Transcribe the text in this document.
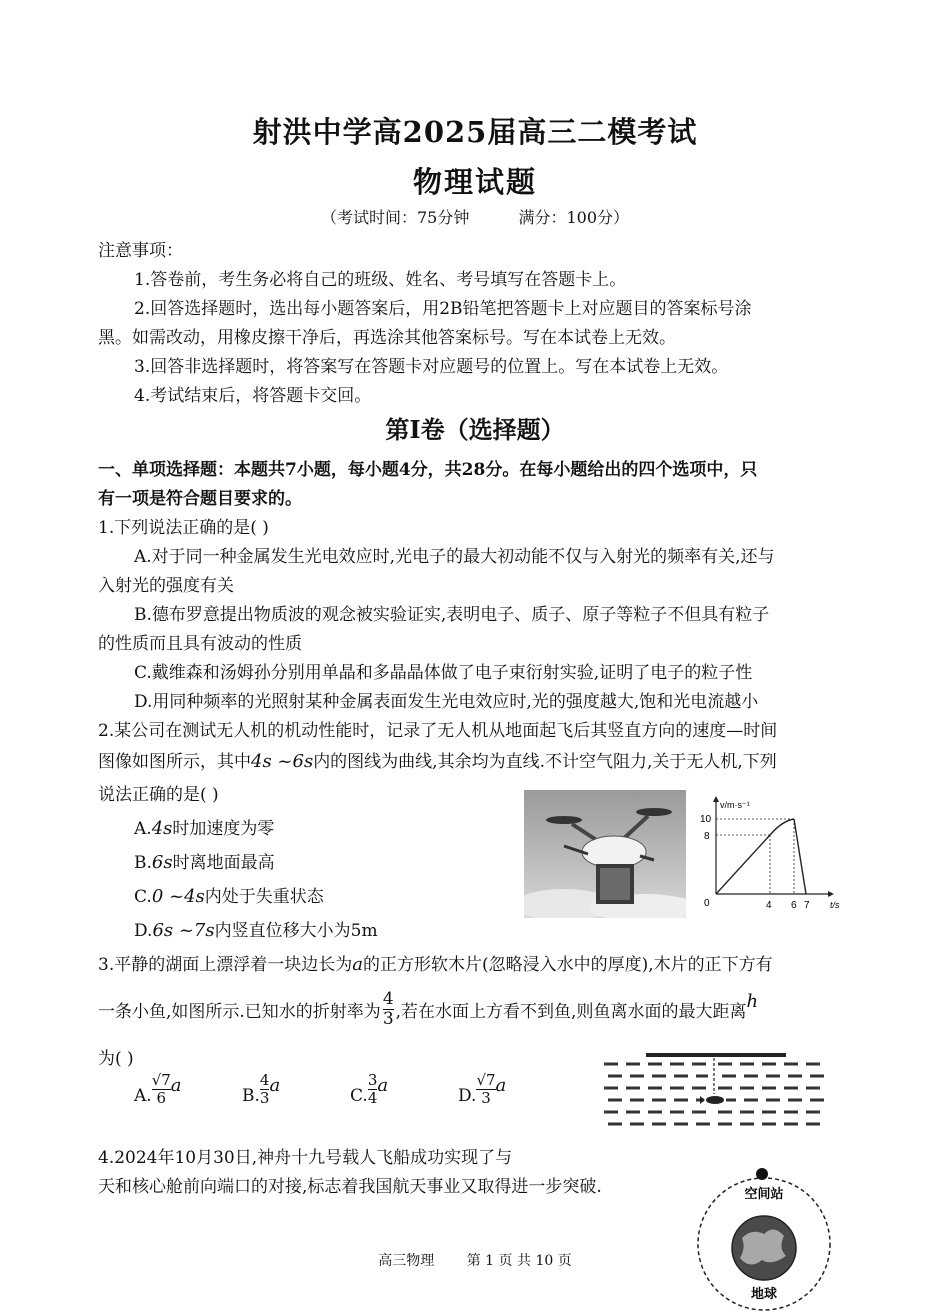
射洪中学高2025届高三二模考试
物理试题
（考试时间：75分钟	满分：100分）
注意事项：
1.答卷前，考生务必将自己的班级、姓名、考号填写在答题卡上。
2.回答选择题时，选出每小题答案后，用2B铅笔把答题卡上对应题目的答案标号涂
黑。如需改动，用橡皮擦干净后，再选涂其他答案标号。写在本试卷上无效。
3.回答非选择题时，将答案写在答题卡对应题号的位置上。写在本试卷上无效。
4.考试结束后，将答题卡交回。
第I卷（选择题）
一、单项选择题：本题共7小题，每小题4分，共28分。在每小题给出的四个选项中，只
有一项是符合题目要求的。
1.下列说法正确的是( )
A.对于同一种金属发生光电效应时,光电子的最大初动能不仅与入射光的频率有关,还与
入射光的强度有关
B.德布罗意提出物质波的观念被实验证实,表明电子、质子、原子等粒子不但具有粒子
的性质而且具有波动的性质
C.戴维森和汤姆孙分别用单晶和多晶晶体做了电子束衍射实验,证明了电子的粒子性
D.用同种频率的光照射某种金属表面发生光电效应时,光的强度越大,饱和光电流越小
2.某公司在测试无人机的机动性能时，记录了无人机从地面起飞后其竖直方向的速度—时间
图像如图所示，其中4s ~6s内的图线为曲线,其余均为直线.不计空气阻力,关于无人机,下列
说法正确的是( )
A.4s时加速度为零
B.6s时离地面最高
C.0 ~4s内处于失重状态
D.6s ~7s内竖直位移大小为5m
v/m·s⁻¹
t/s
0
10
8
4 6 7
3.平静的湖面上漂浮着一块边长为a的正方形软木片(忽略浸入水中的厚度),木片的正下方有
一条小鱼,如图所示.已知水的折射率为 $\frac{4}{3}$ ,若在水面上方看不到鱼,则鱼离水面的最大距离 h
为( )
A. $\frac{√7}{6}$ a	B. $\frac{4}{3}$ a	C. $\frac{3}{4}$ a	D. $\frac{√7}{3}$ a
4.2024年10月30日,神舟十九号载人飞船成功实现了与
天和核心舱前向端口的对接,标志着我国航天事业又取得进一步突破.	空间站
地球
高三物理 第 1 页 共 10 页
